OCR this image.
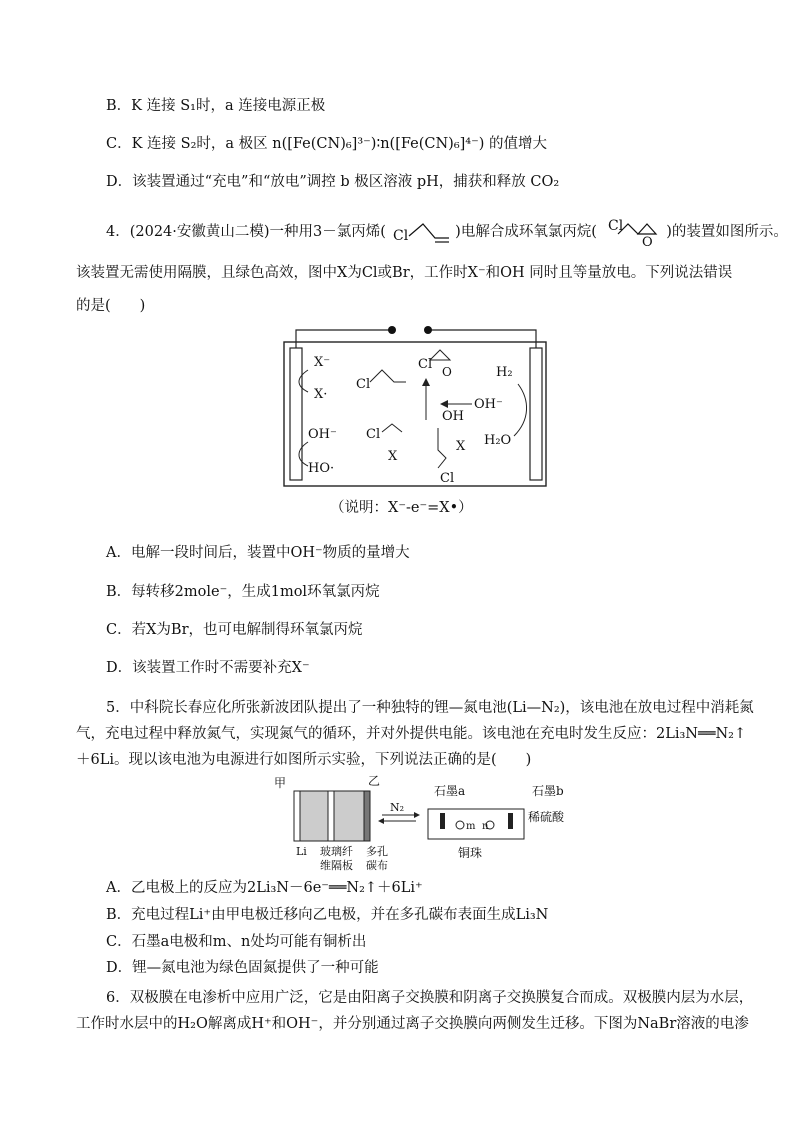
B．K 连接 S₁时，a 连接电源正极
C．K 连接 S₂时，a 极区 n([Fe(CN)₆]³⁻)∶n([Fe(CN)₆]⁴⁻) 的值增大
D．该装置通过“充电”和“放电”调控 b 极区溶液 pH，捕获和释放 CO₂
4．(2024·安徽黄山二模)一种用3－氯丙烯( Cl	)电解合成环氧氯丙烷( Cl
O
)的装置如图所示。
该装置无需使用隔膜，且绿色高效，图中X为Cl或Br，工作时X⁻和OH 同时且等量放电。下列说法错误
的是(　　)
X⁻
X·
OH⁻
HO·
Cl
Cl
X
Cl O
OH
X
Cl
H₂
OH⁻
H₂O
（说明：X⁻-e⁻=X•）
A．电解一段时间后，装置中OH⁻物质的量增大
B．每转移2mole⁻，生成1mol环氧氯丙烷
C．若X为Br，也可电解制得环氧氯丙烷
D．该装置工作时不需要补充X⁻
5．中科院长春应化所张新波团队提出了一种独特的锂—氮电池(Li—N₂)，该电池在放电过程中消耗氮
气，充电过程中释放氮气，实现氮气的循环，并对外提供电能。该电池在充电时发生反应：2Li₃N══N₂↑
＋6Li。现以该电池为电源进行如图所示实验，下列说法正确的是(　　)
甲	乙
Li 玻璃纤
维隔板
多孔
碳布
N₂
石墨a	石墨b
m n
稀硫酸
铜珠
A．乙电极上的反应为2Li₃N－6e⁻══N₂↑＋6Li⁺
B．充电过程Li⁺由甲电极迁移向乙电极，并在多孔碳布表面生成Li₃N
C．石墨a电极和m、n处均可能有铜析出
D．锂—氮电池为绿色固氮提供了一种可能
6．双极膜在电渗析中应用广泛，它是由阳离子交换膜和阴离子交换膜复合而成。双极膜内层为水层，
工作时水层中的H₂O解离成H⁺和OH⁻，并分别通过离子交换膜向两侧发生迁移。下图为NaBr溶液的电渗
